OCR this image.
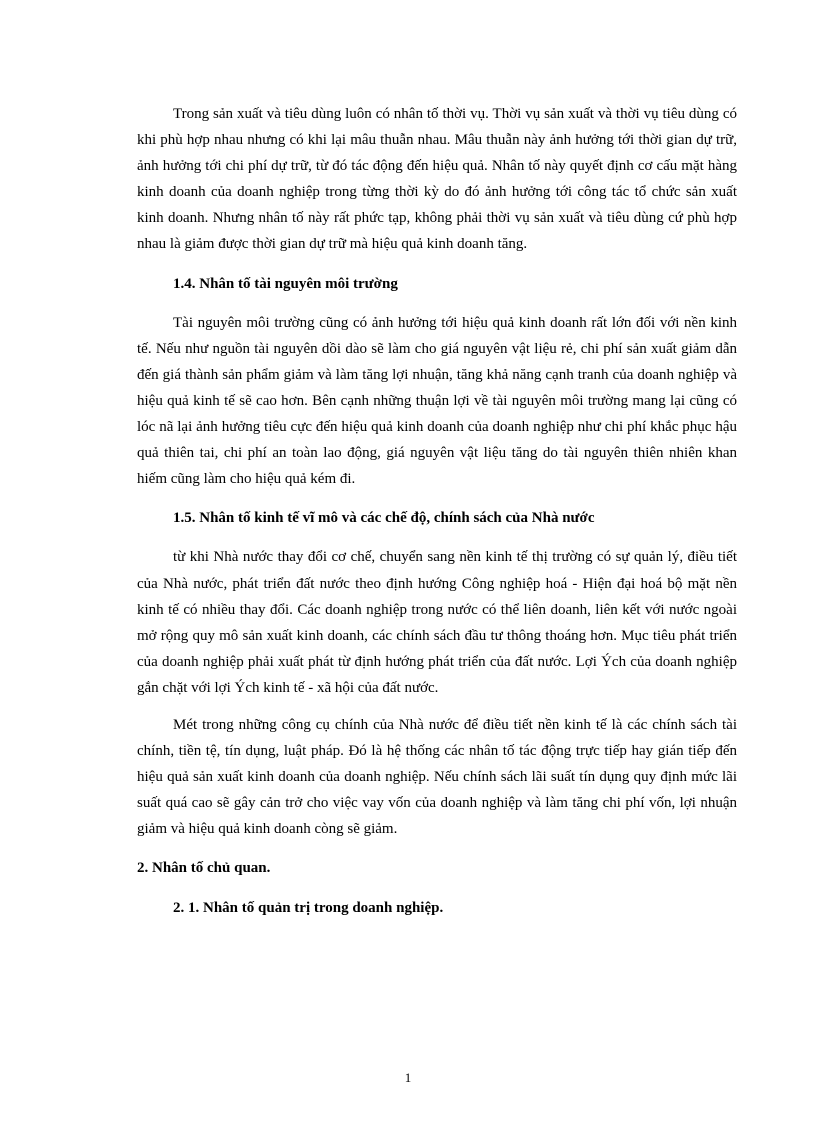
Trong sản xuất và tiêu dùng luôn có nhân tố thời vụ. Thời vụ sản xuất và thời vụ tiêu dùng có khi phù hợp nhau nhưng có khi lại mâu thuẫn nhau. Mâu thuẫn này ảnh hưởng tới thời gian dự trữ, ảnh hưởng tới chi phí dự trữ, từ đó tác động đến hiệu quả. Nhân tố này quyết định cơ cấu mặt hàng kinh doanh của doanh nghiệp trong từng thời kỳ do đó ảnh hưởng tới công tác tổ chức sản xuất kinh doanh. Nhưng nhân tố này rất phức tạp, không phải thời vụ sản xuất và tiêu dùng cứ phù hợp nhau là giảm được thời gian dự trữ mà hiệu quả kinh doanh tăng.

1.4. Nhân tố tài nguyên môi trường

Tài nguyên môi trường cũng có ảnh hưởng tới hiệu quả kinh doanh rất lớn đối với nền kinh tế. Nếu như nguồn tài nguyên dồi dào sẽ làm cho giá nguyên vật liệu rẻ, chi phí sản xuất giảm dẫn đến giá thành sản phẩm giảm và làm tăng lợi nhuận, tăng khả năng cạnh tranh của doanh nghiệp và hiệu quả kinh tế sẽ cao hơn. Bên cạnh những thuận lợi về tài nguyên môi trường mang lại cũng có lóc nã lại ảnh hưởng tiêu cực đến hiệu quả kinh doanh của doanh nghiệp như chi phí khắc phục hậu quả thiên tai, chi phí an toàn lao động, giá nguyên vật liệu tăng do tài nguyên thiên nhiên khan hiếm cũng làm cho hiệu quả kém đi.

1.5. Nhân tố kinh tế vĩ mô và các chế độ, chính sách của Nhà nước

từ khi Nhà nước thay đổi cơ chế, chuyển sang nền kinh tế thị trường có sự quản lý, điều tiết của Nhà nước, phát triển đất nước theo định hướng Công nghiệp hoá - Hiện đại hoá bộ mặt nền kinh tế có nhiều thay đổi. Các doanh nghiệp trong nước có thể liên doanh, liên kết với nước ngoài mở rộng quy mô sản xuất kinh doanh, các chính sách đầu tư thông thoáng hơn. Mục tiêu phát triển của doanh nghiệp phải xuất phát từ định hướng phát triển của đất nước. Lợi Ých của doanh nghiệp gắn chặt với lợi Ých kinh tế - xã hội của đất nước.

Mét trong những công cụ chính của Nhà nước để điều tiết nền kinh tế là các chính sách tài chính, tiền tệ, tín dụng, luật pháp. Đó là hệ thống các nhân tố tác động trực tiếp hay gián tiếp đến hiệu quả sản xuất kinh doanh của doanh nghiệp. Nếu chính sách lãi suất tín dụng quy định mức lãi suất quá cao sẽ gây cản trở cho việc vay vốn của doanh nghiệp và làm tăng chi phí vốn, lợi nhuận giảm và hiệu quả kinh doanh còng sẽ giảm.

2. Nhân tố chủ quan.
2. 1. Nhân tố quản trị trong doanh nghiệp.
1
